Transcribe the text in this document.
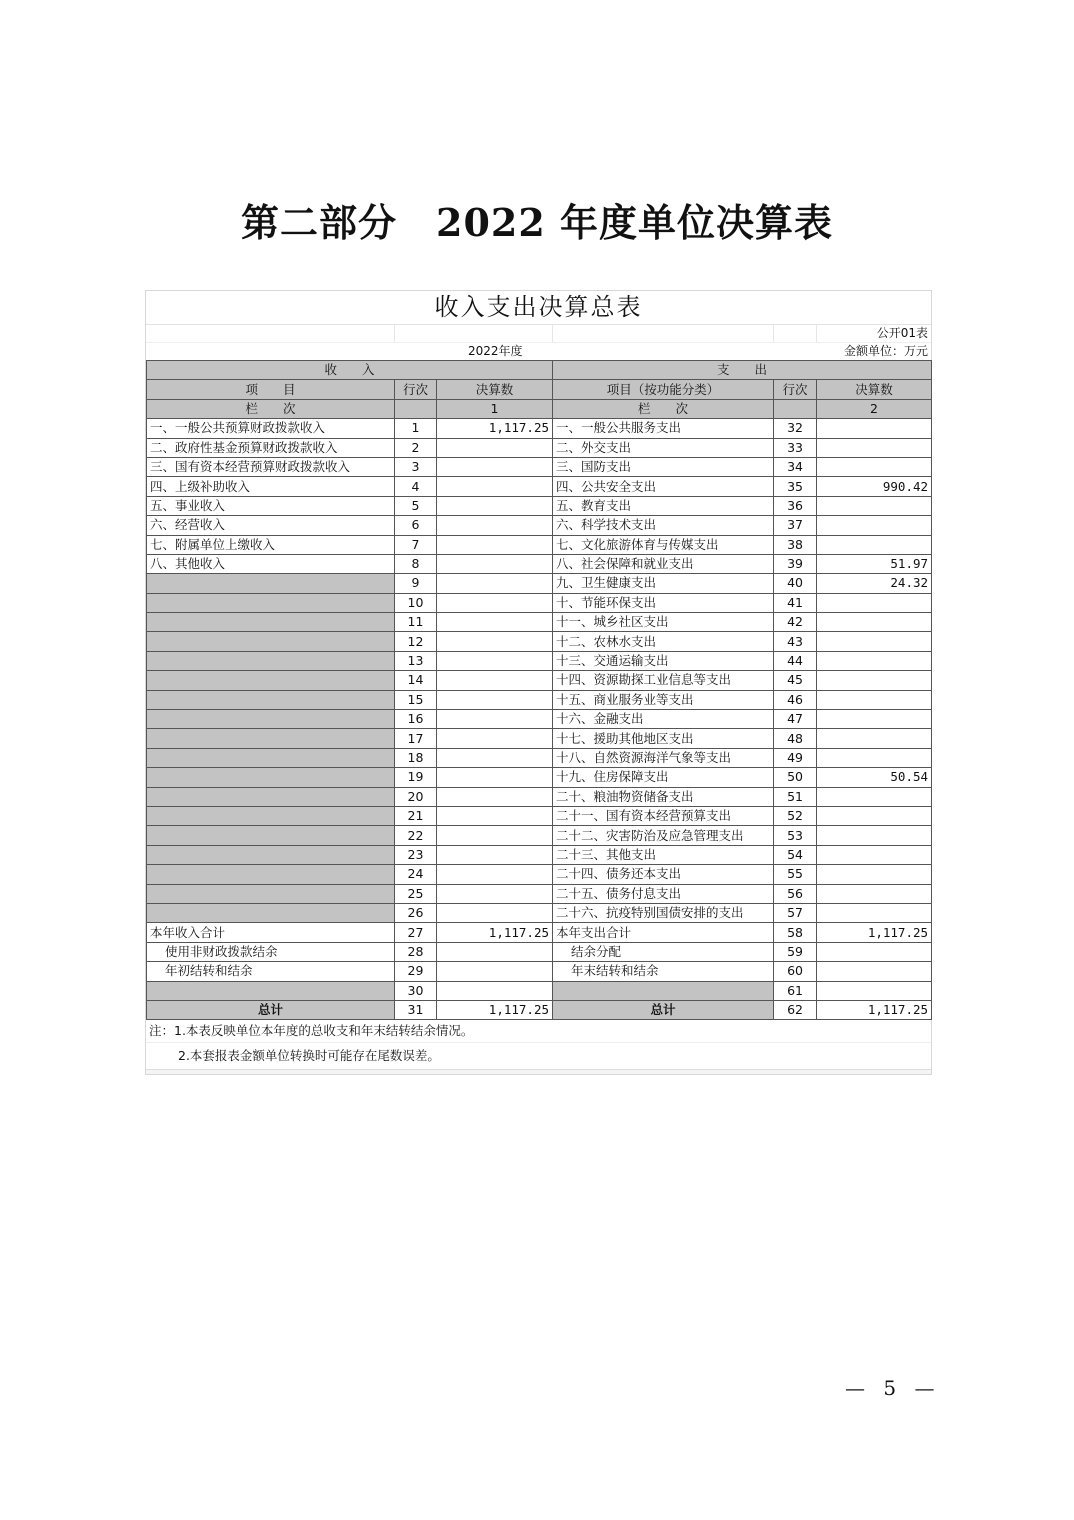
第二部分　2022 年度单位决算表
收入支出决算总表
公开01表
2022年度	金额单位：万元
收　　入			支　　出		
项　　目	行次	决算数	项目（按功能分类）	行次	决算数
栏　　次		1	栏　　次		2
一、一般公共预算财政拨款收入	1	1,117.25	一、一般公共服务支出	32	
二、政府性基金预算财政拨款收入	2		二、外交支出	33	
三、国有资本经营预算财政拨款收入	3		三、国防支出	34	
四、上级补助收入	4		四、公共安全支出	35	990.42
五、事业收入	5		五、教育支出	36	
六、经营收入	6		六、科学技术支出	37	
七、附属单位上缴收入	7		七、文化旅游体育与传媒支出	38	
八、其他收入	8		八、社会保障和就业支出	39	51.97
	9		九、卫生健康支出	40	24.32
	10		十、节能环保支出	41	
	11		十一、城乡社区支出	42	
	12		十二、农林水支出	43	
	13		十三、交通运输支出	44	
	14		十四、资源勘探工业信息等支出	45	
	15		十五、商业服务业等支出	46	
	16		十六、金融支出	47	
	17		十七、援助其他地区支出	48	
	18		十八、自然资源海洋气象等支出	49	
	19		十九、住房保障支出	50	50.54
	20		二十、粮油物资储备支出	51	
	21		二十一、国有资本经营预算支出	52	
	22		二十二、灾害防治及应急管理支出	53	
	23		二十三、其他支出	54	
	24		二十四、债务还本支出	55	
	25		二十五、债务付息支出	56	
	26		二十六、抗疫特别国债安排的支出	57	
本年收入合计	27	1,117.25	本年支出合计	58	1,117.25
使用非财政拨款结余	28		结余分配	59	
年初结转和结余	29		年末结转和结余	60	
	30			61	
总计	31	1,117.25	总计	62	1,117.25
注：1.本表反映单位本年度的总收支和年末结转结余情况。
2.本套报表金额单位转换时可能存在尾数误差。
— 5 —
